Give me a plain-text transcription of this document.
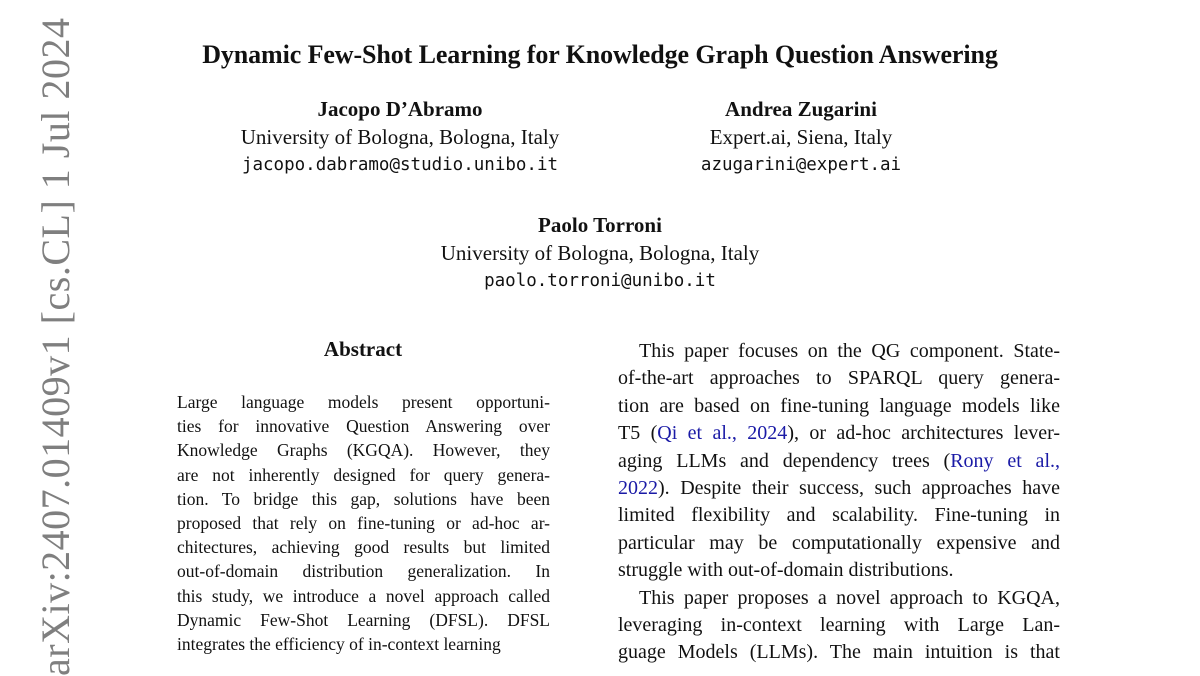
Dynamic Few-Shot Learning for Knowledge Graph Question Answering
Jacopo D’Abramo
University of Bologna, Bologna, Italy
jacopo.dabramo@studio.unibo.it
Andrea Zugarini
Expert.ai, Siena, Italy
azugarini@expert.ai
Paolo Torroni
University of Bologna, Bologna, Italy
paolo.torroni@unibo.it
Abstract
Large language models present opportuni-
ties for innovative Question Answering over
Knowledge Graphs (KGQA). However, they
are not inherently designed for query genera-
tion. To bridge this gap, solutions have been
proposed that rely on fine-tuning or ad-hoc ar-
chitectures, achieving good results but limited
out-of-domain distribution generalization. In
this study, we introduce a novel approach called
Dynamic Few-Shot Learning (DFSL). DFSL
integrates the efficiency of in-context learning
This paper focuses on the QG component. State-
of-the-art approaches to SPARQL query genera-
tion are based on fine-tuning language models like
T5 (Qi et al., 2024), or ad-hoc architectures lever-
aging LLMs and dependency trees (Rony et al.,
2022). Despite their success, such approaches have
limited flexibility and scalability. Fine-tuning in
particular may be computationally expensive and
struggle with out-of-domain distributions.
This paper proposes a novel approach to KGQA,
leveraging in-context learning with Large Lan-
guage Models (LLMs). The main intuition is that
arXiv:2407.01409v1 [cs.CL] 1 Jul 2024
